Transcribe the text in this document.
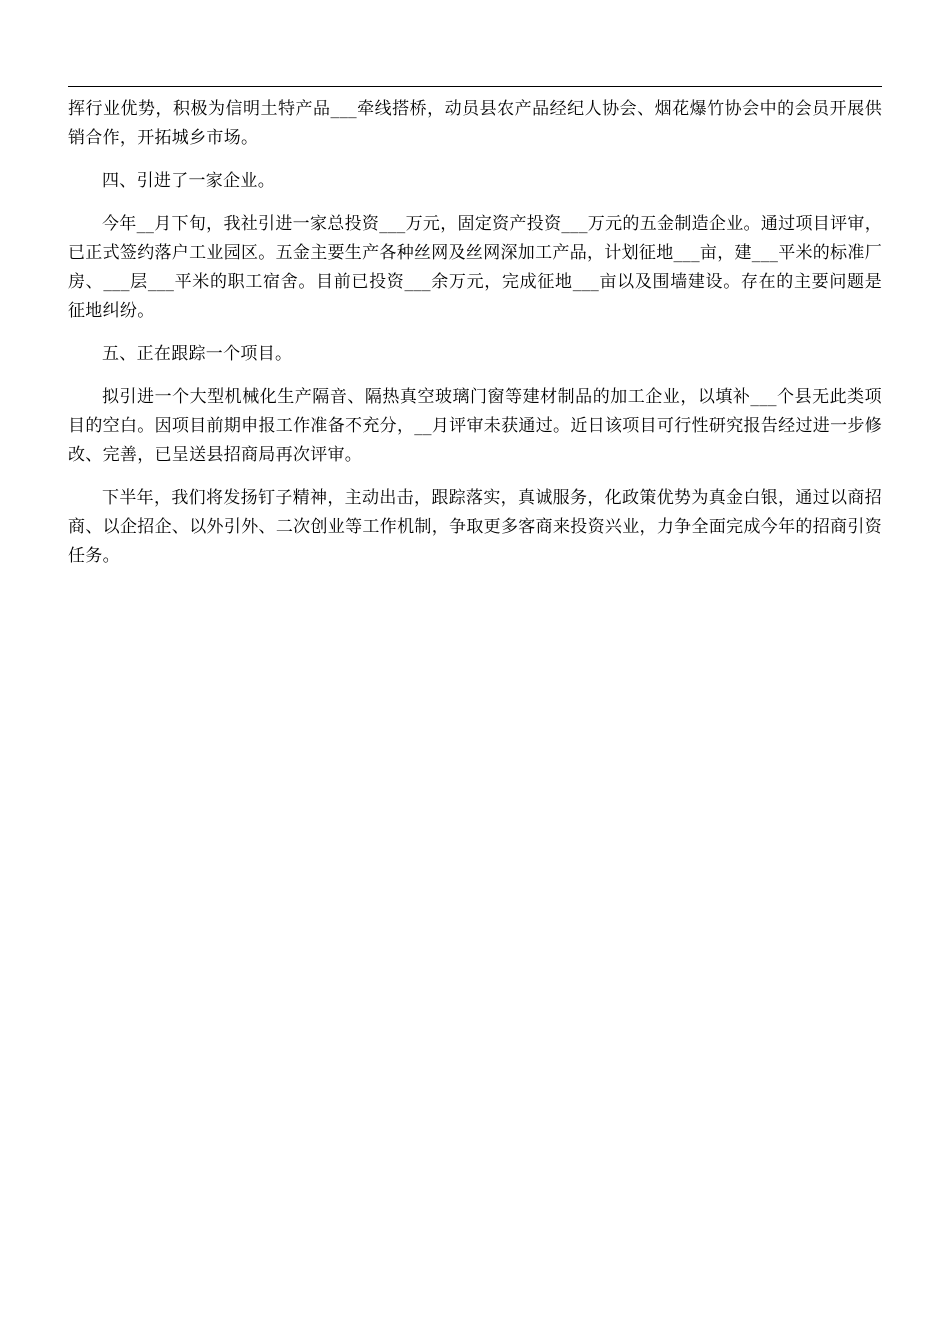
挥行业优势，积极为信明土特产品___牵线搭桥，动员县农产品经纪人协会、烟花爆竹协会中的会员开展供销合作，开拓城乡市场。

四、引进了一家企业。

今年__月下旬，我社引进一家总投资___万元，固定资产投资___万元的五金制造企业。通过项目评审，已正式签约落户工业园区。五金主要生产各种丝网及丝网深加工产品，计划征地___亩，建___平米的标准厂房、___层___平米的职工宿舍。目前已投资___余万元，完成征地___亩以及围墙建设。存在的主要问题是征地纠纷。

五、正在跟踪一个项目。

拟引进一个大型机械化生产隔音、隔热真空玻璃门窗等建材制品的加工企业，以填补___个县无此类项目的空白。因项目前期申报工作准备不充分，__月评审未获通过。近日该项目可行性研究报告经过进一步修改、完善，已呈送县招商局再次评审。

下半年，我们将发扬钉子精神，主动出击，跟踪落实，真诚服务，化政策优势为真金白银，通过以商招商、以企招企、以外引外、二次创业等工作机制，争取更多客商来投资兴业，力争全面完成今年的招商引资任务。
